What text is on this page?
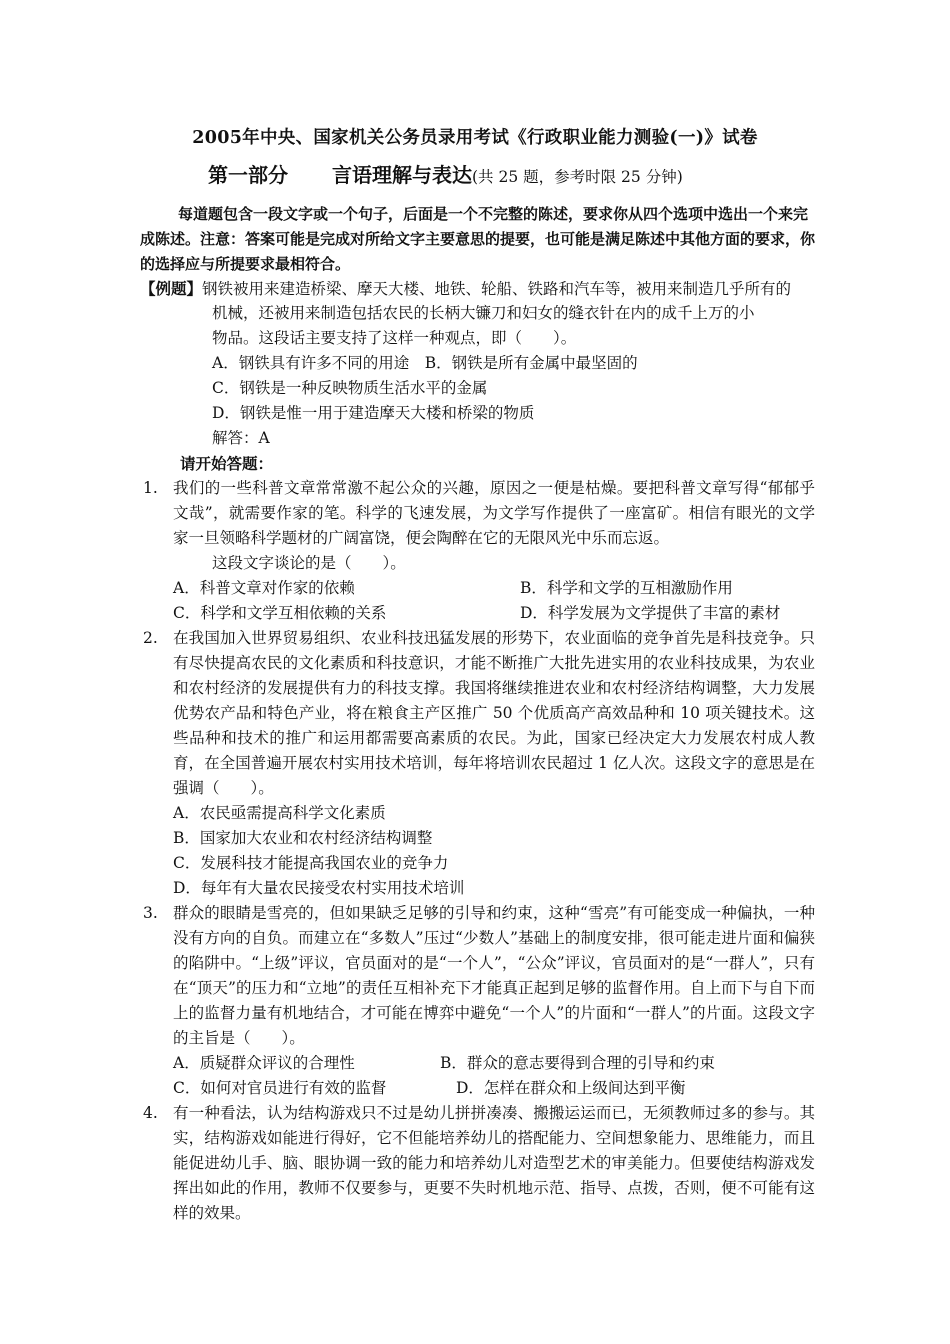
2005年中央、国家机关公务员录用考试《行政职业能力测验(一)》试卷
第一部分 言语理解与表达(共 25 题，参考时限 25 分钟)
每道题包含一段文字或一个句子，后面是一个不完整的陈述，要求你从四个选项中选出一个来完成陈述。注意：答案可能是完成对所给文字主要意思的提要，也可能是满足陈述中其他方面的要求，你的选择应与所提要求最相符合。
【例题】钢铁被用来建造桥梁、摩天大楼、地铁、轮船、铁路和汽车等，被用来制造几乎所有的
机械，还被用来制造包括农民的长柄大镰刀和妇女的缝衣针在内的成千上万的小
物品。这段话主要支持了这样一种观点，即（　　）。
A．钢铁具有许多不同的用途　B．钢铁是所有金属中最坚固的
C．钢铁是一种反映物质生活水平的金属
D．钢铁是惟一用于建造摩天大楼和桥梁的物质
解答：A
请开始答题：
1. 我们的一些科普文章常常激不起公众的兴趣，原因之一便是枯燥。要把科普文章写得“郁郁乎文哉”，就需要作家的笔。科学的飞速发展，为文学写作提供了一座富矿。相信有眼光的文学家一旦领略科学题材的广阔富饶，便会陶醉在它的无限风光中乐而忘返。
这段文字谈论的是（　　）。
A．科普文章对作家的依赖	B．科学和文学的互相激励作用
C．科学和文学互相依赖的关系	D．科学发展为文学提供了丰富的素材
2. 在我国加入世界贸易组织、农业科技迅猛发展的形势下，农业面临的竞争首先是科技竞争。只有尽快提高农民的文化素质和科技意识，才能不断推广大批先进实用的农业科技成果，为农业和农村经济的发展提供有力的科技支撑。我国将继续推进农业和农村经济结构调整，大力发展优势农产品和特色产业，将在粮食主产区推广 50 个优质高产高效品种和 10 项关键技术。这些品种和技术的推广和运用都需要高素质的农民。为此，国家已经决定大力发展农村成人教育，在全国普遍开展农村实用技术培训，每年将培训农民超过 1 亿人次。这段文字的意思是在强调（　　）。
A．农民亟需提高科学文化素质
B．国家加大农业和农村经济结构调整
C．发展科技才能提高我国农业的竞争力
D．每年有大量农民接受农村实用技术培训
3. 群众的眼睛是雪亮的，但如果缺乏足够的引导和约束，这种“雪亮”有可能变成一种偏执，一种没有方向的自负。而建立在“多数人”压过“少数人”基础上的制度安排，很可能走进片面和偏狭的陷阱中。“上级”评议，官员面对的是“一个人”，“公众”评议，官员面对的是“一群人”，只有在“顶天”的压力和“立地”的责任互相补充下才能真正起到足够的监督作用。自上而下与自下而上的监督力量有机地结合，才可能在博弈中避免“一个人”的片面和“一群人”的片面。这段文字的主旨是（　　）。
A．质疑群众评议的合理性	B．群众的意志要得到合理的引导和约束
C．如何对官员进行有效的监督	D．怎样在群众和上级间达到平衡
4. 有一种看法，认为结构游戏只不过是幼儿拼拼凑凑、搬搬运运而已，无须教师过多的参与。其实，结构游戏如能进行得好，它不但能培养幼儿的搭配能力、空间想象能力、思维能力，而且能促进幼儿手、脑、眼协调一致的能力和培养幼儿对造型艺术的审美能力。但要使结构游戏发挥出如此的作用，教师不仅要参与，更要不失时机地示范、指导、点拨，否则，便不可能有这样的效果。
